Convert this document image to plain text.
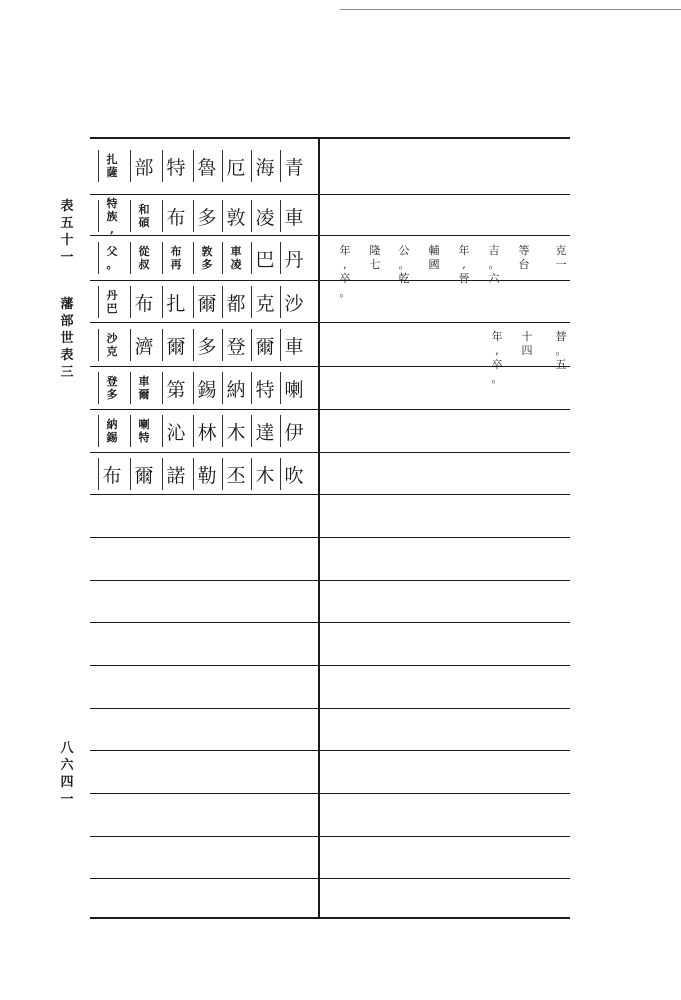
表
五
十
一
藩
部
世
表
三
八
六
四
一
青
海
厄
魯
特
部
扎
薩
車
凌
敦
多
布
和
碩
特
族
,
丹
巴
車
凌
敦
多
布
再
從
叔
父
。
沙
克
都
爾
扎
布
丹
巴
車
爾
登
多
爾
濟
沙
克
喇
特
納
錫
第
車
爾
登
多
伊
達
木
林
沁
喇
特
納
錫
吹
木
丕
勒
諾
爾
布
克
一
等
台
吉
。
六
年
,
晉
輔
國
公
。
乾
隆
七
年
,
卒
。
替
。
五
十
四
年
,
卒
。
